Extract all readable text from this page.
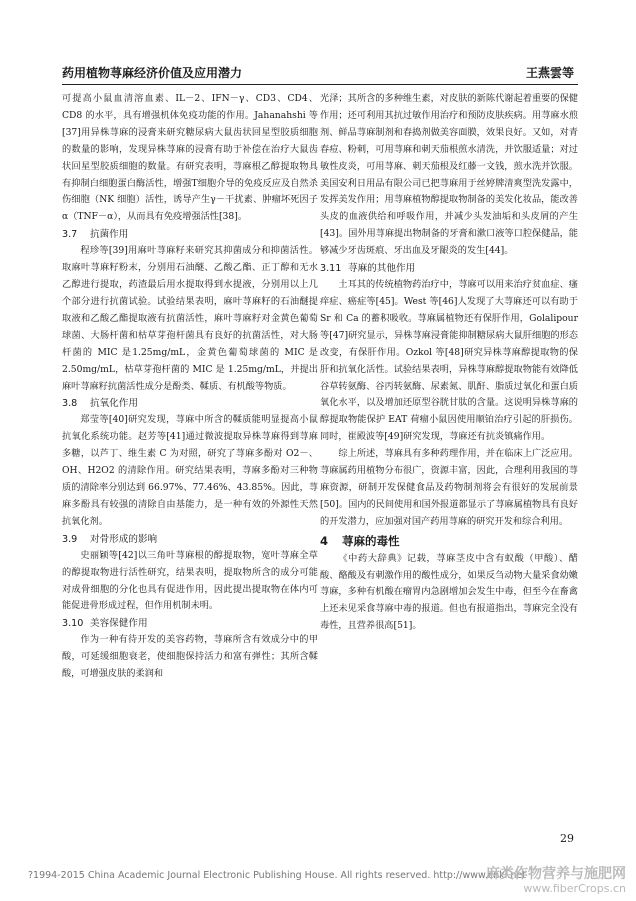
药用植物荨麻经济价值及应用潜力	王燕雲等

可提高小鼠血清溶血素、IL－2、IFN－γ、CD3、CD4、CD8 的水平，具有增强机体免疫功能的作用。Jahanahshi 等[37]用异株荨麻的浸膏来研究糖尿病大鼠齿状回星型胶质细胞的数量的影响，发现异株荨麻的浸膏有助于补偿在治疗大鼠齿状回星型胶质细胞的数量。有研究表明，荨麻根乙醇提取物具有抑制白细胞蛋白酶活性，增强T细胞介导的免疫反应及自然杀伤细胞（NK 细胞）活性，诱导产生γ－干扰素、肿瘤坏死因子α（TNF－α），从而具有免疫增强活性[38]。

3.7 抗菌作用

程珍等[39]用麻叶荨麻籽来研究其抑菌成分和抑菌活性。取麻叶荨麻籽粉末，分别用石油醚、乙酸乙酯、正丁醇和无水乙醇进行提取，药渣最后用水提取得到水提液，分别用以上几个部分进行抗菌试验。试验结果表明，麻叶荨麻籽的石油醚提取液和乙酸乙酯提取液有抗菌活性，麻叶荨麻籽对金黄色葡萄球菌、大肠杆菌和枯草芽孢杆菌具有良好的抗菌活性，对大肠杆菌的 MIC 是1.25mg/mL，金黄色葡萄球菌的 MIC 是 2.50mg/mL，枯草芽孢杆菌的 MIC 是 1.25mg/mL，并提出麻叶荨麻籽抗菌活性成分是酚类、鞣质、有机酸等物质。

3.8 抗氧化作用

郑莹等[40]研究发现，荨麻中所含的鞣质能明显提高小鼠抗氧化系统功能。赵芳等[41]通过微波提取异株荨麻得到荨麻多糖，以芦丁、维生素 C 为对照，研究了荨麻多酚对 O2－、OH、H2O2 的清除作用。研究结果表明，荨麻多酚对三种物质的清除率分别达到 66.97%、77.46%、43.85%。因此，荨麻多酚具有较强的清除自由基能力，是一种有效的外源性天然抗氧化剂。

3.9 对骨形成的影响

史丽颖等[42]以三角叶荨麻根的醇提取物，宽叶荨麻全草的醇提取物进行活性研究，结果表明，提取物所含的成分可能对成骨细胞的分化也具有促进作用，因此提出提取物在体内可能促进骨形成过程，但作用机制未明。

3.10 美容保健作用

作为一种有待开发的美容药物，荨麻所含有效成分中的甲酸，可延缓细胞衰老，使细胞保持活力和富有弹性；其所含鞣酸，可增强皮肤的柔润和

光泽；其所含的多种维生素，对皮肤的新陈代谢起着重要的保健作用；还可利用其抗过敏作用治疗和预防皮肤疾病。用荨麻水煎剂、鲜品荨麻制剂和春捣剂做美容面膜，效果良好。又如，对青春痘、粉刺，可用荨麻和刺天茄根煎水清洗，并饮服适量；对过敏性皮炎，可用荨麻、刺天茄根及红藤一文钱，煎水洗并饮服。美国安利日用品有限公司已把荨麻用于丝婷牌清爽型洗发露中，发挥美发作用；用荨麻植物醇提取物制备的美发化妆品，能改善头皮的血液供给和呼吸作用，并减少头发油垢和头皮屑的产生[43]。国外用荨麻提出物制备的牙膏和漱口液等口腔保健品，能够减少牙齿斑痕、牙出血及牙龈炎的发生[44]。

3.11 荨麻的其他作用

土耳其的传统植物药治疗中，荨麻可以用来治疗贫血症、瘙痒症、癌症等[45]。West 等[46]人发现了大荨麻还可以有助于 Sr 和 Ca 的蓄积吸收。荨麻属植物还有保肝作用，Golalipour 等[47]研究显示，异株荨麻浸膏能抑制糖尿病大鼠肝细胞的形态改变，有保肝作用。Ozkol 等[48]研究异株荨麻醇提取物的保肝和抗氧化活性。试验结果表明，异株荨麻醇提取物能有效降低谷草转氨酶、谷丙转氨酶、尿素氮、肌酐、脂质过氧化和蛋白质氧化水平，以及增加还原型谷胱甘肽的含量。这说明异株荨麻的醇提取物能保护 EAT 荷瘤小鼠因使用顺铂治疗引起的肝损伤。同时，崔殿波等[49]研究发现，荨麻还有抗炎镇痛作用。

综上所述，荨麻具有多种药理作用，并在临床上广泛应用。荨麻属药用植物分布很广，资源丰富，因此，合理利用我国的荨麻资源，研制开发保健食品及药物制剂将会有很好的发展前景[50]。国内的民间使用和国外报道都显示了荨麻属植物具有良好的开发潜力，应加强对国产药用荨麻的研究开发和综合利用。

4 荨麻的毒性

《中药大辞典》记载，荨麻茎皮中含有蚁酸（甲酸）、醋酸、酪酸及有刺激作用的酸性成分，如果反刍动物大量采食幼嫩荨麻，多种有机酸在瘤胃内急剧增加会发生中毒，但至今在畜禽上还未见采食荨麻中毒的报道。但也有报道指出，荨麻完全没有毒性，且营养很高[51]。

29
?1994-2015 China Academic Journal Electronic Publishing House. All rights reserved. http://www.cnki.net
麻类作物营养与施肥网
www.fiberCrops.cn
